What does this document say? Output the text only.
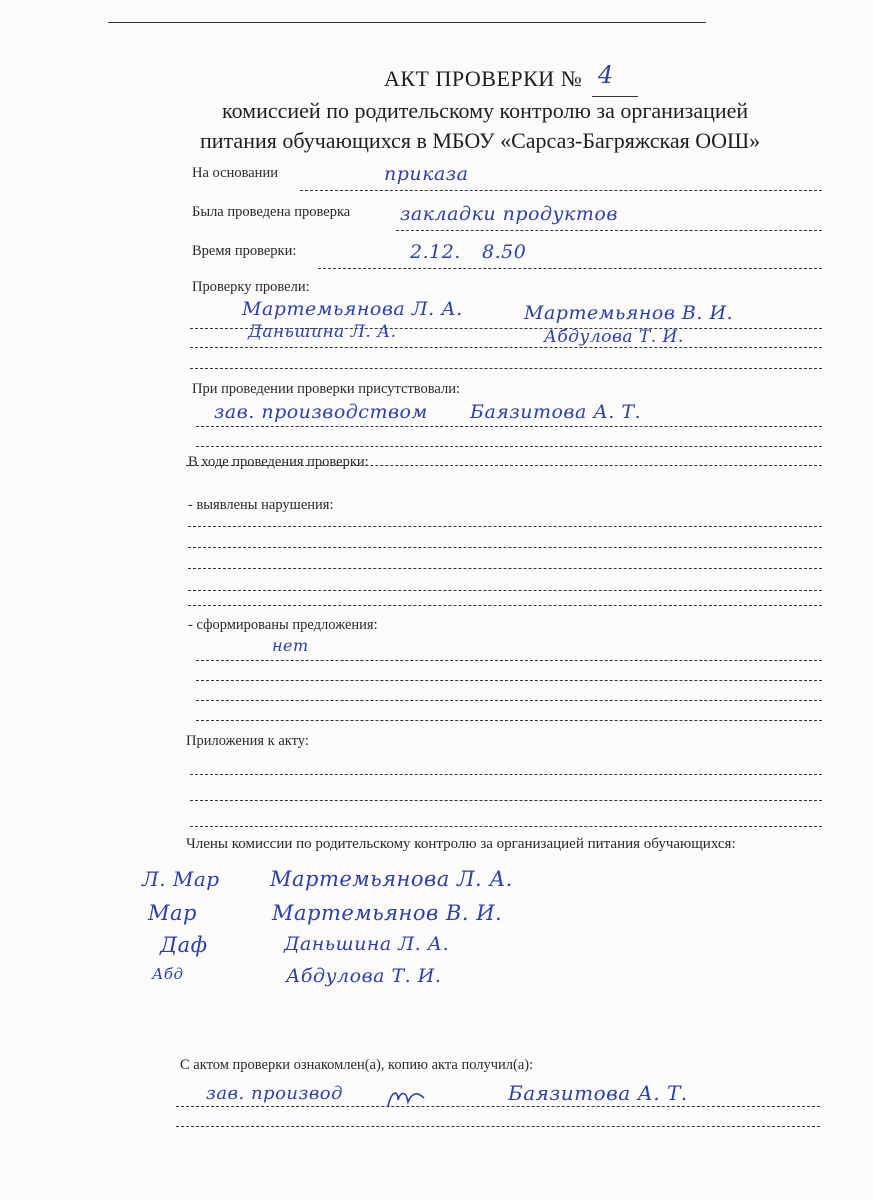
АКТ ПРОВЕРКИ № 4
комиссией по родительскому контролю за организацией
питания обучающихся в МБОУ «Сарсаз-Багряжская ООШ»
На основании	приказа
Была проведена проверка	закладки продуктов
Время проверки:	2.12. 8.50
Проверку провели:
Мартемьянова Л. А.	Мартемьянов В. И.
Даньшина Л. А.	Абдулова Т. И.
При проведении проверки присутствовали:
зав. производством Баязитова А. Т.
В ходе проведения проверки:
- выявлены нарушения:
- сформированы предложения:
нет
Приложения к акту:
Члены комиссии по родительскому контролю за организацией питания обучающихся:
Л. Мар Мартемьянова Л. А.
Мар	Мартемьянов В. И.
Даф	Даньшина Л. А.
Абд	Абдулова Т. И.
С актом проверки ознакомлен(а), копию акта получил(а):
зав. производ	Баязитова А. Т.
